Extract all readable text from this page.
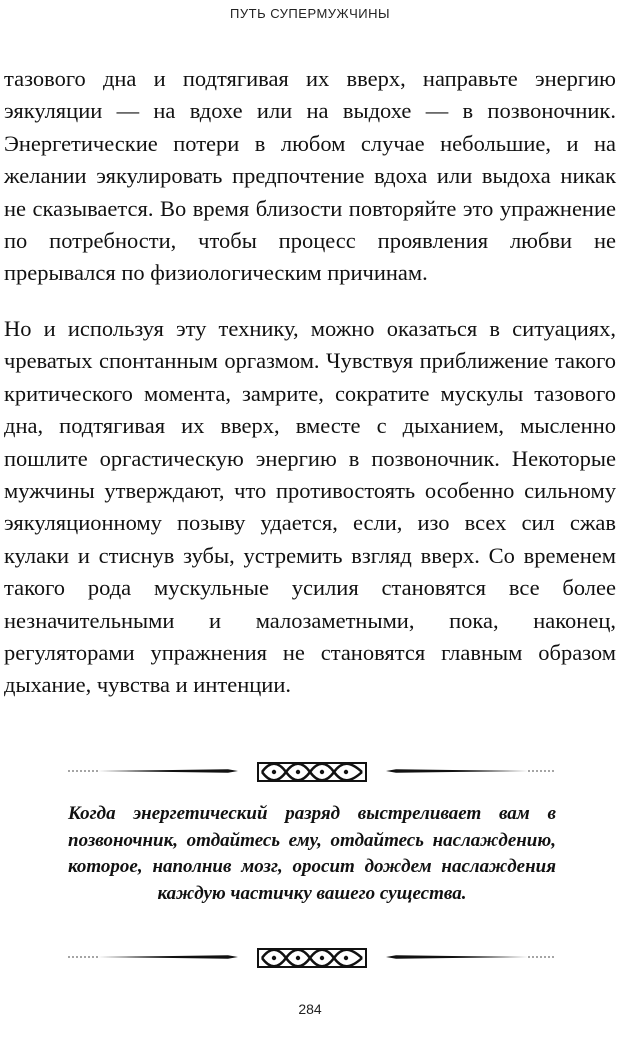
ПУТЬ СУПЕРМУЖЧИНЫ

тазового дна и подтягивая их вверх, направьте энергию эякуляции — на вдохе или на выдохе — в позвоночник. Энергетические потери в любом случае небольшие, и на желании эякулировать предпочтение вдоха или выдоха никак не сказывается. Во время близости повторяйте это упражнение по потребности, чтобы процесс проявления любви не прерывался по физиологическим причинам.

Но и используя эту технику, можно оказаться в ситуациях, чреватых спонтанным оргазмом. Чувствуя приближение такого критического момента, замрите, сократите мускулы тазового дна, подтягивая их вверх, вместе с дыханием, мысленно пошлите оргастическую энергию в позвоночник. Некоторые мужчины утверждают, что противостоять особенно сильному эякуляционному позыву удается, если, изо всех сил сжав кулаки и стиснув зубы, устремить взгляд вверх. Со временем такого рода мускульные усилия становятся все более незначительными и малозаметными, пока, наконец, регуляторами упражнения не становятся главным образом дыхание, чувства и интенции.

Когда энергетический разряд выстреливает вам в позвоночник, отдайтесь ему, отдайтесь наслаждению, которое, наполнив мозг, оросит дождем наслаждения каждую частичку вашего существа.

284
